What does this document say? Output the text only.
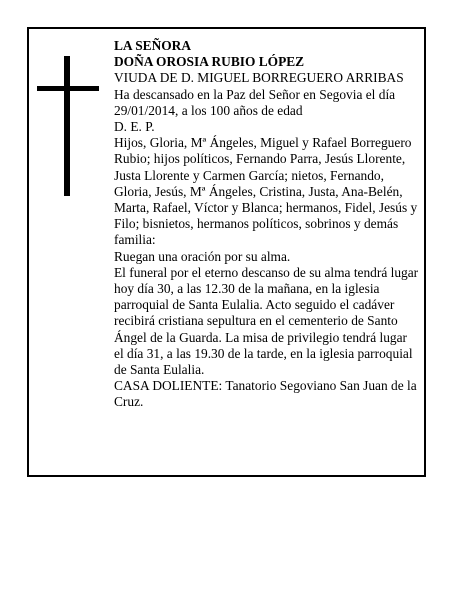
LA SEÑORA

DOÑA OROSIA RUBIO LÓPEZ

VIUDA DE D. MIGUEL BORREGUERO ARRIBAS

Ha descansado en la Paz del Señor en Segovia el día 29/01/2014, a los 100 años de edad

D. E. P.

Hijos, Gloria, Mª Ángeles, Miguel y Rafael Borreguero Rubio; hijos políticos, Fernando Parra, Jesús Llorente, Justa Llorente y Carmen García; nietos, Fernando, Gloria, Jesús, Mª Ángeles, Cristina, Justa, Ana-Belén, Marta, Rafael, Víctor y Blanca; hermanos, Fidel, Jesús y Filo; bisnietos, hermanos políticos, sobrinos y demás familia:

Ruegan una oración por su alma.

El funeral por el eterno descanso de su alma tendrá lugar hoy día 30, a las 12.30 de la mañana, en la iglesia parroquial de Santa Eulalia. Acto seguido el cadáver recibirá cristiana sepultura en el cementerio de Santo Ángel de la Guarda. La misa de privilegio tendrá lugar el día 31, a las 19.30 de la tarde, en la iglesia parroquial de Santa Eulalia.

CASA DOLIENTE: Tanatorio Segoviano San Juan de la Cruz.
